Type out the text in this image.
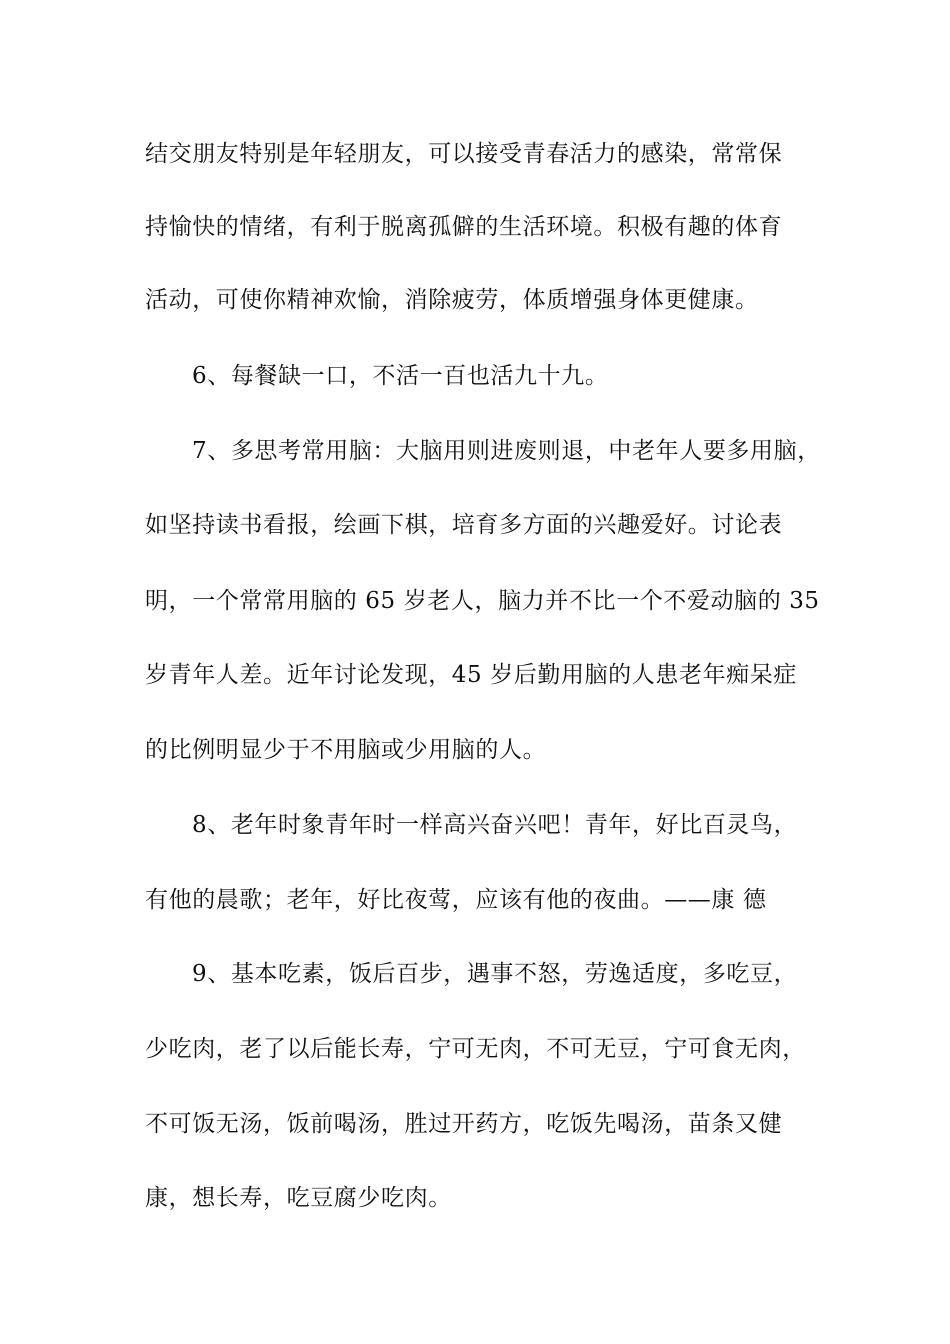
结交朋友特别是年轻朋友，可以接受青春活力的感染，常常保
持愉快的情绪，有利于脱离孤僻的生活环境。积极有趣的体育
活动，可使你精神欢愉，消除疲劳，体质增强身体更健康。
6、每餐缺一口，不活一百也活九十九。
7、多思考常用脑：大脑用则进废则退，中老年人要多用脑，
如坚持读书看报，绘画下棋，培育多方面的兴趣爱好。讨论表
明，一个常常用脑的 65 岁老人，脑力并不比一个不爱动脑的 35
岁青年人差。近年讨论发现，45 岁后勤用脑的人患老年痴呆症
的比例明显少于不用脑或少用脑的人。
8、老年时象青年时一样高兴奋兴吧！青年，好比百灵鸟，
有他的晨歌；老年，好比夜莺，应该有他的夜曲。——康 德
9、基本吃素，饭后百步，遇事不怒，劳逸适度，多吃豆，
少吃肉，老了以后能长寿，宁可无肉，不可无豆，宁可食无肉，
不可饭无汤，饭前喝汤，胜过开药方，吃饭先喝汤，苗条又健
康，想长寿，吃豆腐少吃肉。
